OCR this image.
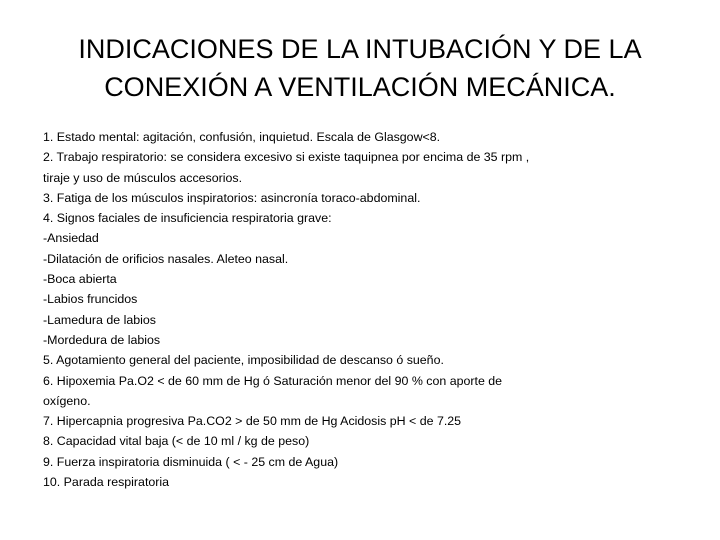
INDICACIONES DE LA INTUBACIÓN Y DE LA
CONEXIÓN A VENTILACIÓN MECÁNICA.
1. Estado mental: agitación, confusión, inquietud. Escala de Glasgow<8.
2. Trabajo respiratorio: se considera excesivo si existe taquipnea por encima de 35 rpm ,
tiraje y uso de músculos accesorios.
3. Fatiga de los músculos inspiratorios: asincronía toraco-abdominal.
4. Signos faciales de insuficiencia respiratoria grave:
-Ansiedad
-Dilatación de orificios nasales. Aleteo nasal.
-Boca abierta
-Labios fruncidos
-Lamedura de labios
-Mordedura de labios
5. Agotamiento general del paciente, imposibilidad de descanso ó sueño.
6. Hipoxemia Pa.O2 < de 60 mm de Hg ó Saturación menor del 90 % con aporte de
oxígeno.
7. Hipercapnia progresiva Pa.CO2 > de 50 mm de Hg Acidosis pH < de 7.25
8. Capacidad vital baja (< de 10 ml / kg de peso)
9. Fuerza inspiratoria disminuida ( < - 25 cm de Agua)
10. Parada respiratoria
